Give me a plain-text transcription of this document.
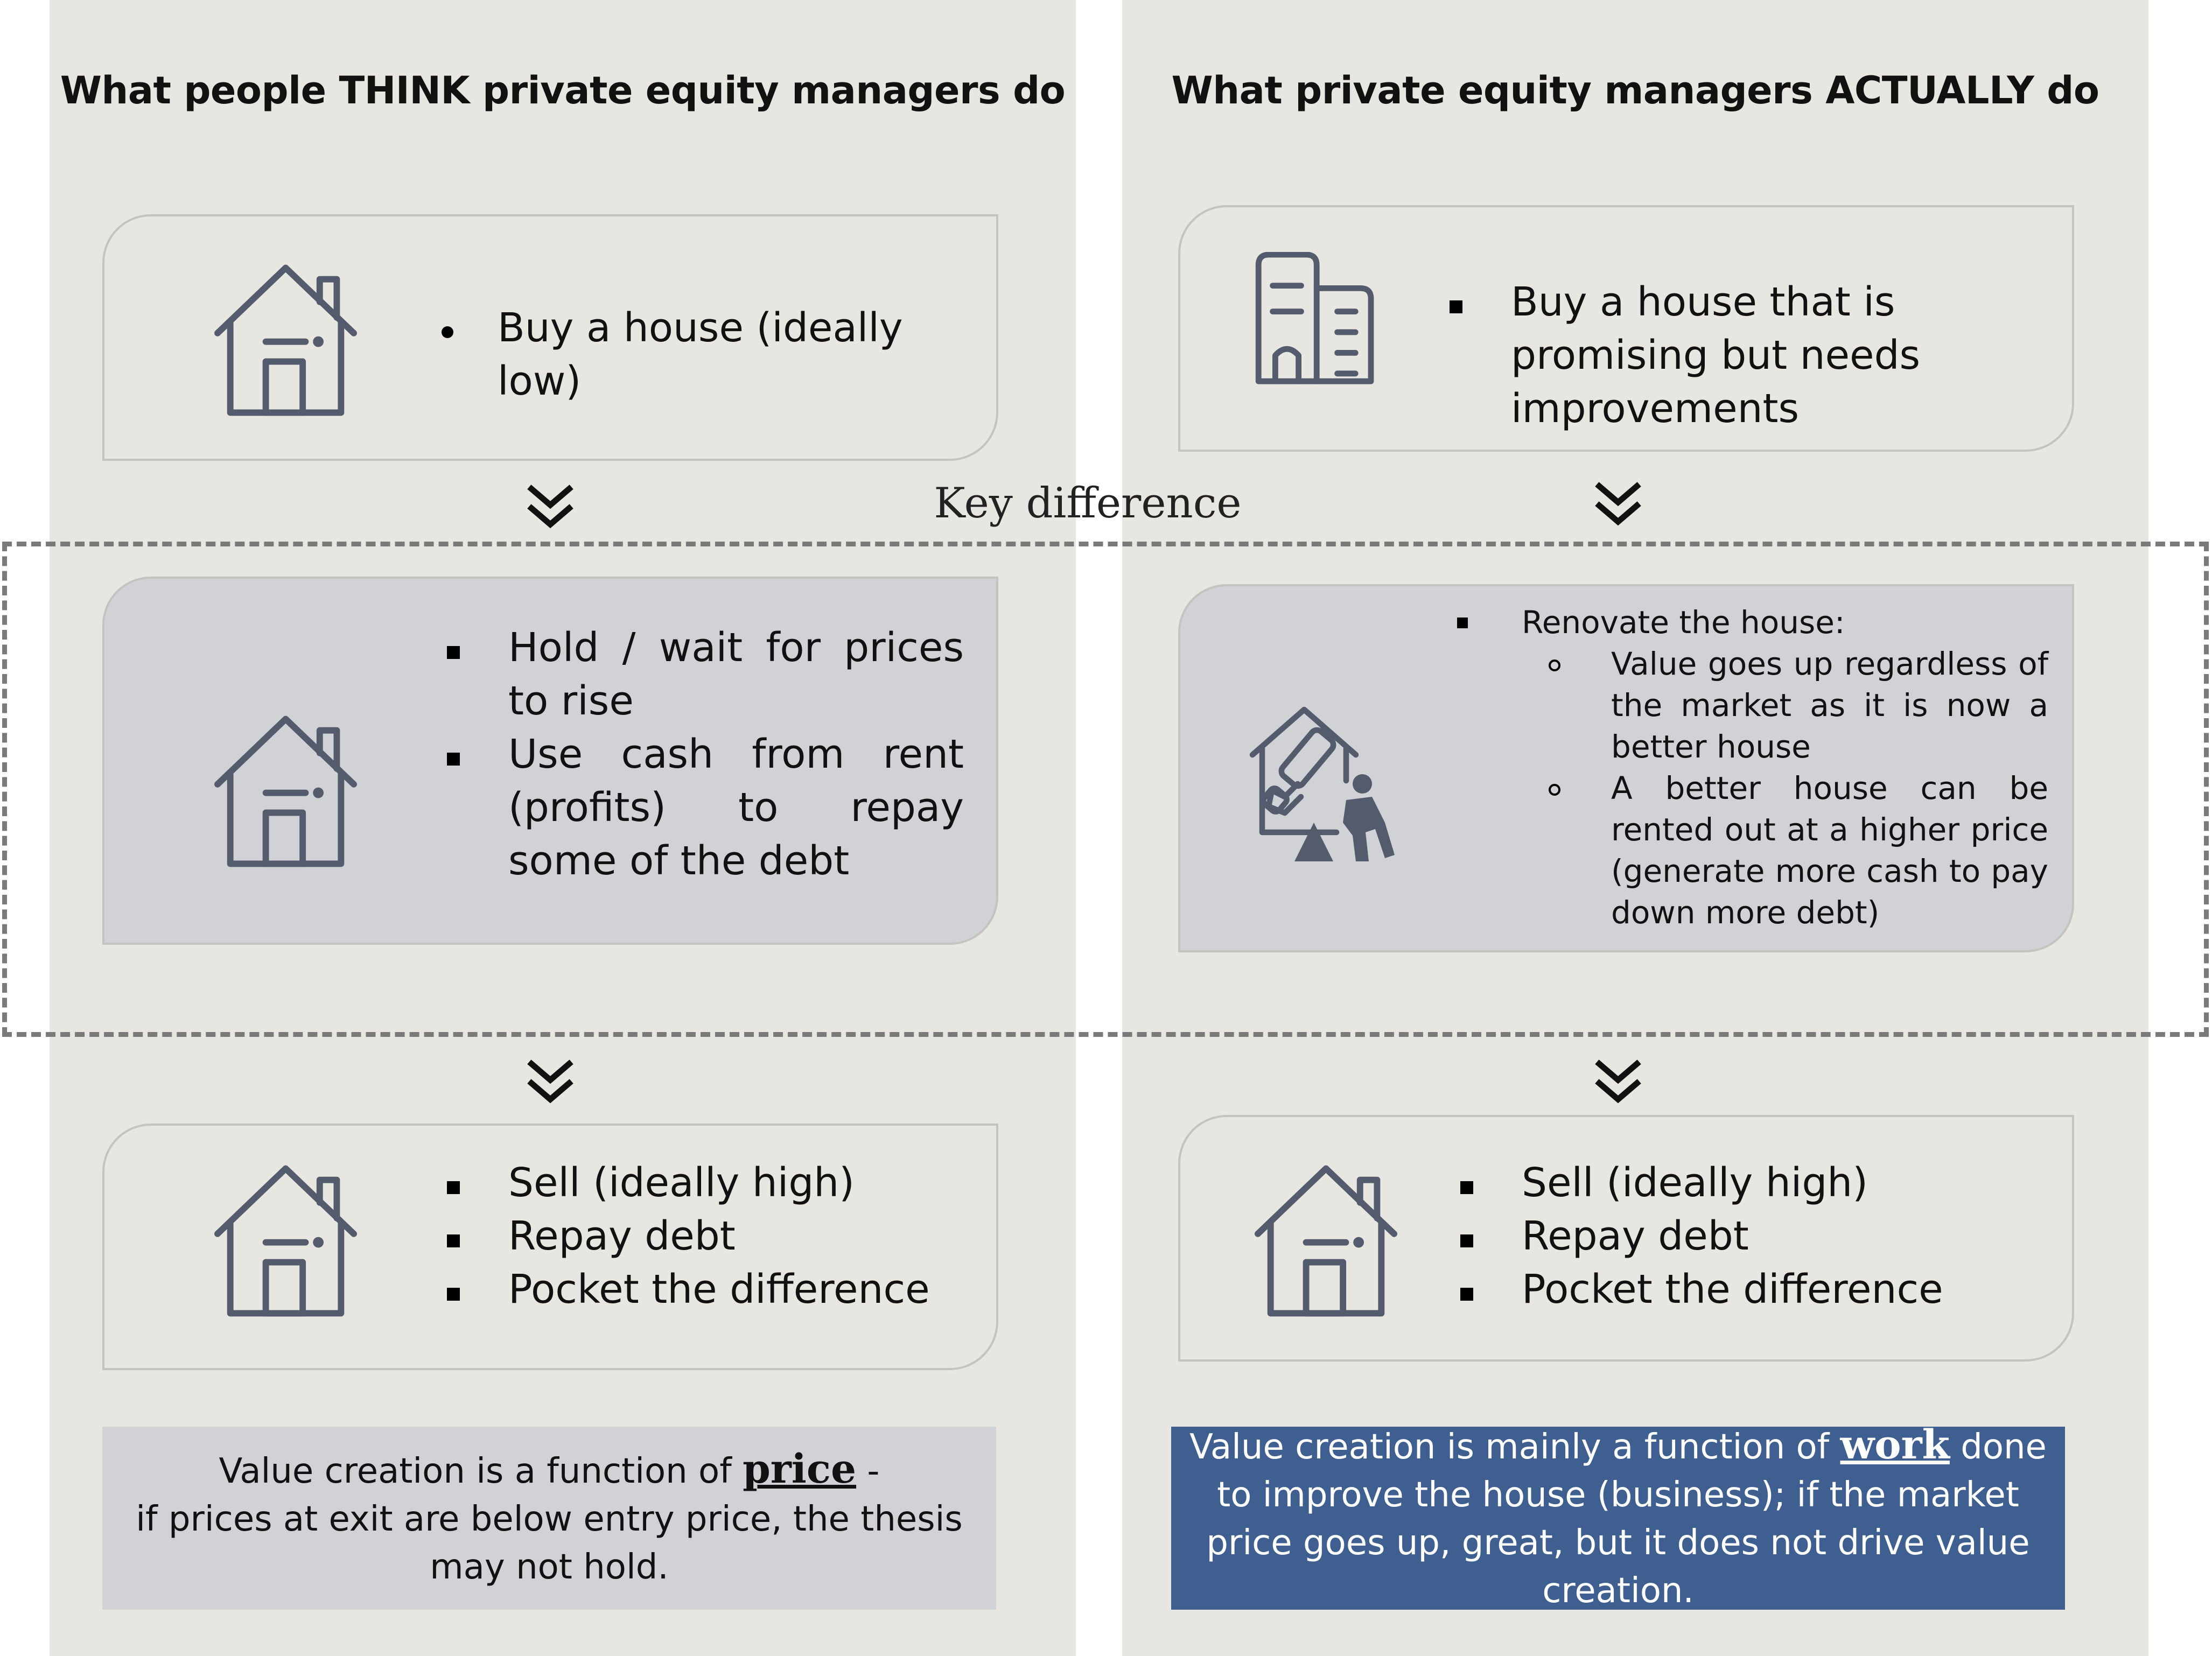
What people THINK private equity managers do	What private equity managers ACTUALLY do
Buy a house (ideally low)
Buy a house that is promising but needs improvements
Key difference
Hold / wait for prices to rise
Use cash from rent (profits) to repay some of the debt
Renovate the house:
Value goes up regardless of the market as it is now a better house
A better house can be rented out at a higher price (generate more cash to pay down more debt)
Sell (ideally high)
Repay debt
Pocket the difference
Sell (ideally high)
Repay debt
Pocket the difference
Value creation is a function of price -
if prices at exit are below entry price, the thesis may not hold.
Value creation is mainly a function of work done to improve the house (business); if the market price goes up, great, but it does not drive value creation.
